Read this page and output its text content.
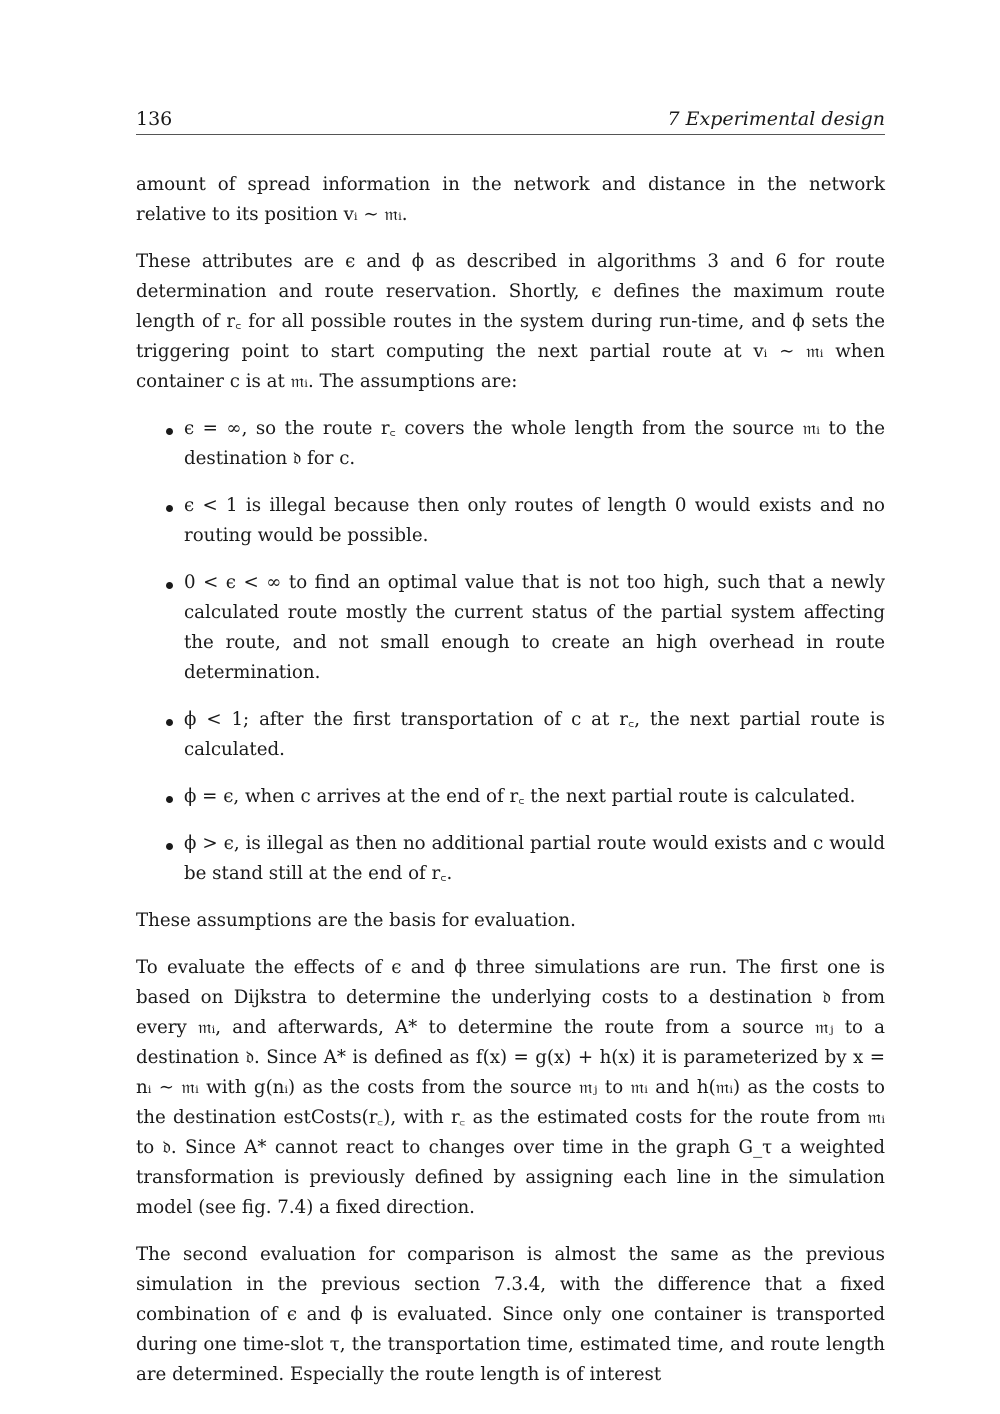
136	7 Experimental design

amount of spread information in the network and distance in the network relative to its position vᵢ ∼ 𝔪ᵢ.

These attributes are ϵ and ϕ as described in algorithms 3 and 6 for route determination and route reservation. Shortly, ϵ defines the maximum route length of r꜀ for all possible routes in the system during run-time, and ϕ sets the triggering point to start computing the next partial route at vᵢ ∼ 𝔪ᵢ when container c is at 𝔪ᵢ. The assumptions are:

ϵ = ∞, so the route r꜀ covers the whole length from the source 𝔪ᵢ to the destination 𝔡 for c.
ϵ < 1 is illegal because then only routes of length 0 would exists and no routing would be possible.
0 < ϵ < ∞ to find an optimal value that is not too high, such that a newly calculated route mostly the current status of the partial system affecting the route, and not small enough to create an high overhead in route determination.
ϕ < 1; after the first transportation of c at r꜀, the next partial route is calculated.
ϕ = ϵ, when c arrives at the end of r꜀ the next partial route is calculated.
ϕ > ϵ, is illegal as then no additional partial route would exists and c would be stand still at the end of r꜀.

These assumptions are the basis for evaluation.

To evaluate the effects of ϵ and ϕ three simulations are run. The first one is based on Dijkstra to determine the underlying costs to a destination 𝔡 from every 𝔪ᵢ, and afterwards, A* to determine the route from a source 𝔪ⱼ to a destination 𝔡. Since A* is defined as f(x) = g(x) + h(x) it is parameterized by x = nᵢ ∼ 𝔪ᵢ with g(nᵢ) as the costs from the source 𝔪ⱼ to 𝔪ᵢ and h(𝔪ᵢ) as the costs to the destination estCosts(r꜀), with r꜀ as the estimated costs for the route from 𝔪ᵢ to 𝔡. Since A* cannot react to changes over time in the graph G_τ a weighted transformation is previously defined by assigning each line in the simulation model (see fig. 7.4) a fixed direction.

The second evaluation for comparison is almost the same as the previous simulation in the previous section 7.3.4, with the difference that a fixed combination of ϵ and ϕ is evaluated. Since only one container is transported during one time-slot τ, the transportation time, estimated time, and route length are determined. Especially the route length is of interest
